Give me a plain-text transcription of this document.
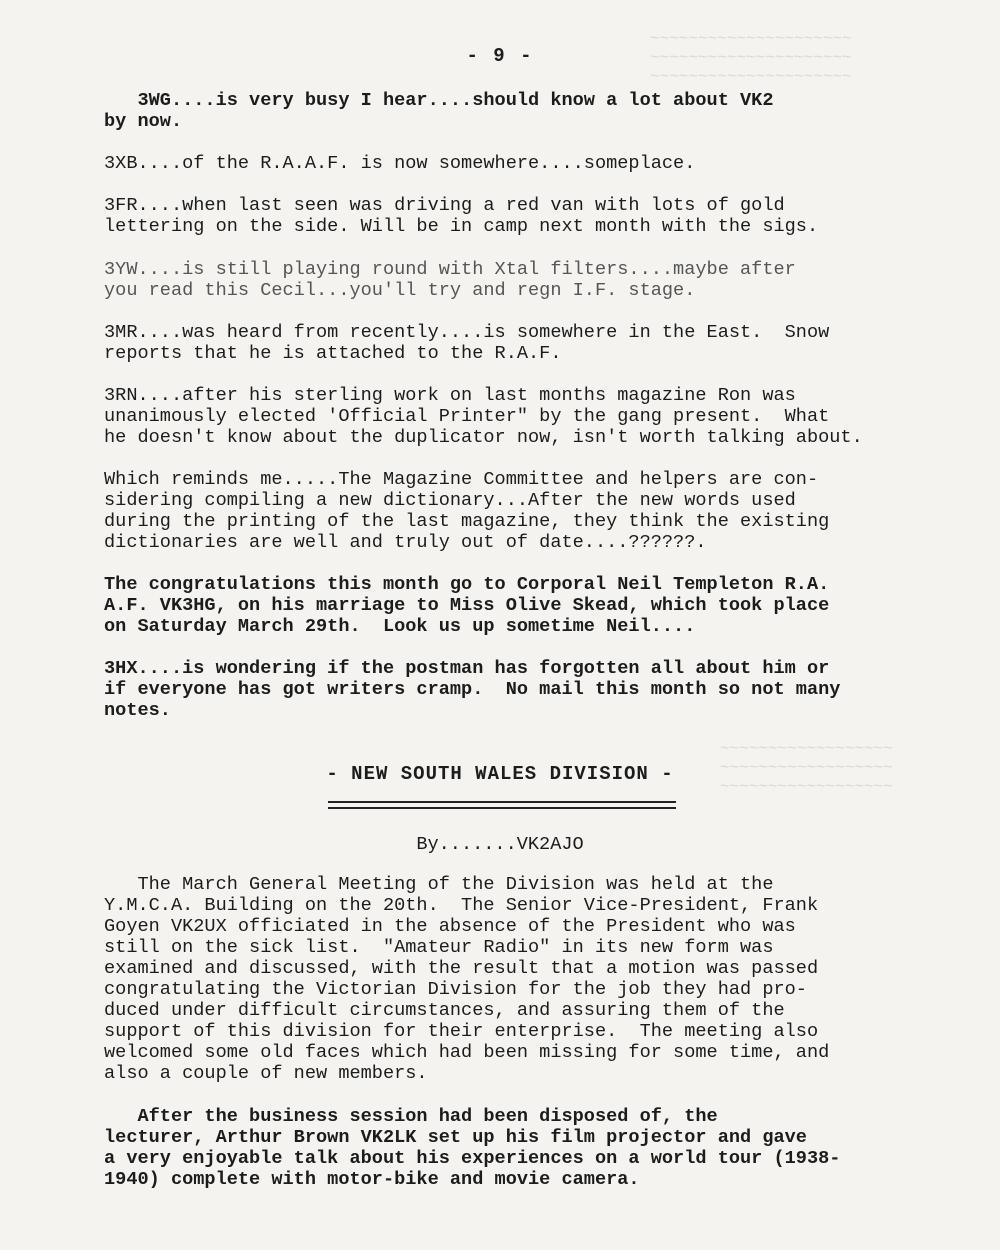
~~~~~~~~~~~~~~~~~~~~~
~~~~~~~~~~~~~~~~~~~~~
~~~~~~~~~~~~~~~~~~~~~
~~~~~~~~~~~~~~~~~~
~~~~~~~~~~~~~~~~~~
~~~~~~~~~~~~~~~~~~
- 9 -

3WG....is very busy I hear....should know a lot about VK2
by now.

3XB....of the R.A.A.F. is now somewhere....someplace.

3FR....when last seen was driving a red van with lots of gold
lettering on the side. Will be in camp next month with the sigs.

3YW....is still playing round with Xtal filters....maybe after
you read this Cecil...you'll try and regn I.F. stage.

3MR....was heard from recently....is somewhere in the East.  Snow
reports that he is attached to the R.A.F.

3RN....after his sterling work on last months magazine Ron was
unanimously elected 'Official Printer" by the gang present.  What
he doesn't know about the duplicator now, isn't worth talking about.

Which reminds me.....The Magazine Committee and helpers are con-
sidering compiling a new dictionary...After the new words used
during the printing of the last magazine, they think the existing
dictionaries are well and truly out of date....??????.

The congratulations this month go to Corporal Neil Templeton R.A.
A.F. VK3HG, on his marriage to Miss Olive Skead, which took place
on Saturday March 29th.  Look us up sometime Neil....

3HX....is wondering if the postman has forgotten all about him or
if everyone has got writers cramp.  No mail this month so not many
notes.

- NEW SOUTH WALES DIVISION -
By.......VK2AJO

The March General Meeting of the Division was held at the
Y.M.C.A. Building on the 20th.  The Senior Vice-President, Frank
Goyen VK2UX officiated in the absence of the President who was
still on the sick list.  "Amateur Radio" in its new form was
examined and discussed, with the result that a motion was passed
congratulating the Victorian Division for the job they had pro-
duced under difficult circumstances, and assuring them of the
support of this division for their enterprise.  The meeting also
welcomed some old faces which had been missing for some time, and
also a couple of new members.

After the business session had been disposed of, the
lecturer, Arthur Brown VK2LK set up his film projector and gave
a very enjoyable talk about his experiences on a world tour (1938-
1940) complete with motor-bike and movie camera.
